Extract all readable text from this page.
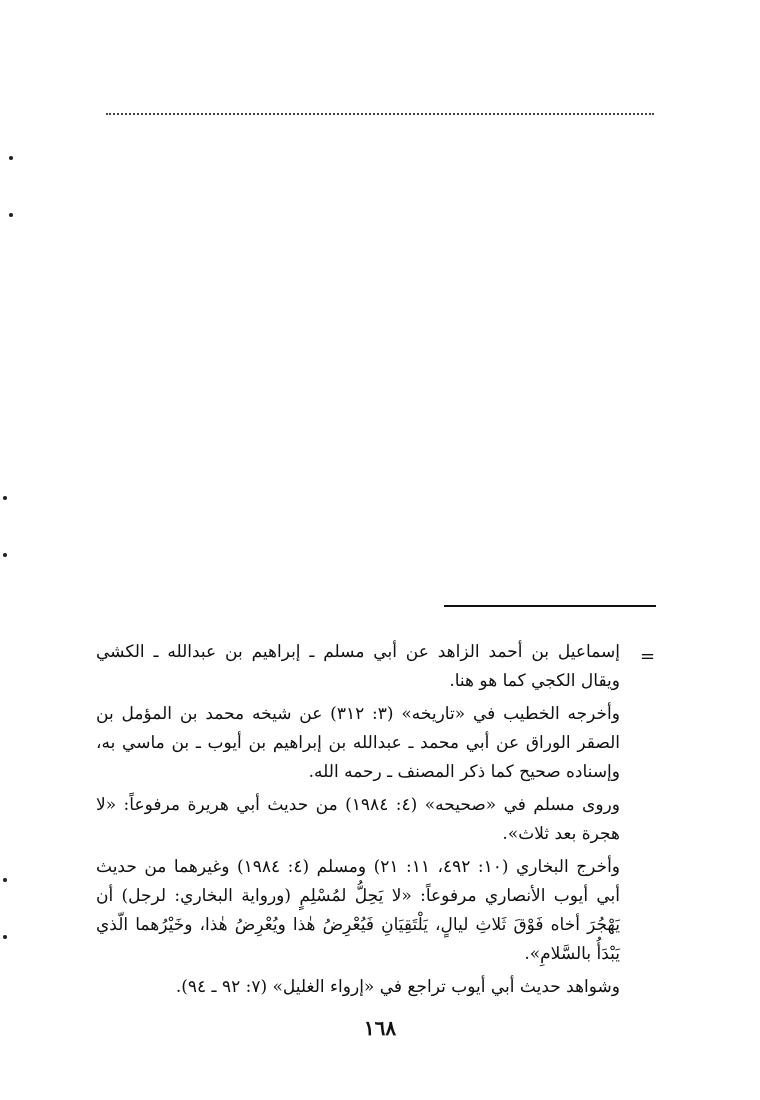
=

إسماعيل بن أحمد الزاهد عن أبي مسلم ـ إبراهيم بن عبدالله ـ الكشي ويقال الكجي كما هو هنا.

وأخرجه الخطيب في «تاريخه» (٣: ٣١٢) عن شيخه محمد بن المؤمل بن الصقر الوراق عن أبي محمد ـ عبدالله بن إبراهيم بن أيوب ـ بن ماسي به، وإسناده صحيح كما ذكر المصنف ـ رحمه الله.

وروى مسلم في «صحيحه» (٤: ١٩٨٤) من حديث أبي هريرة مرفوعاً: «لا هجرة بعد ثلاث».

وأخرج البخاري (١٠: ٤٩٢، ١١: ٢١) ومسلم (٤: ١٩٨٤) وغيرهما من حديث أبي أيوب الأنصاري مرفوعاً: «لا يَحِلُّ لمُسْلِمٍ (ورواية البخاري: لرجل) أن يَهْجُرَ أخاه فَوْقَ ثَلاثِ ليالٍ، يَلْتَقِيَانِ فَيُعْرِضُ هٰذا ويُعْرِضُ هٰذا، وخَيْرُهما الّذي يَبْدَأُ بالسَّلامِ».

وشواهد حديث أبي أيوب تراجع في «إرواء الغليل» (٧: ٩٢ ـ ٩٤).

١٦٨
